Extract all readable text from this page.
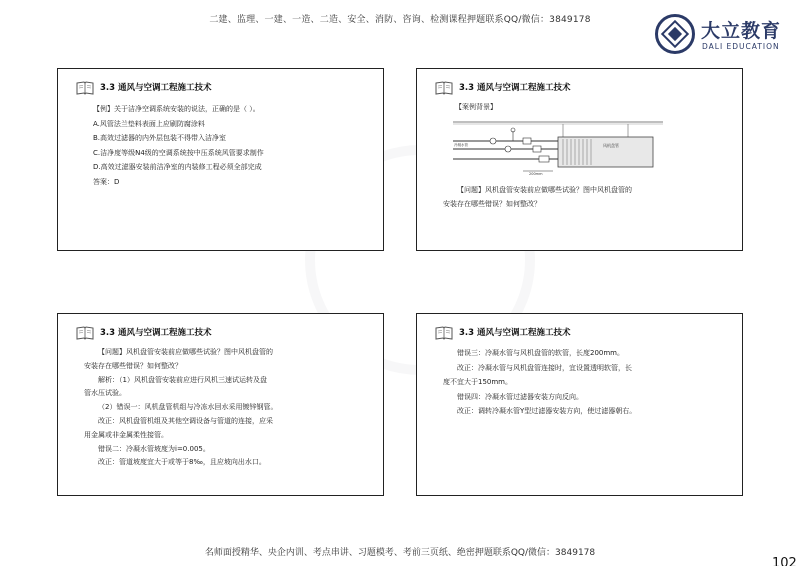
二建、监理、一建、一造、二造、安全、消防、咨询、检测课程押题联系QQ/微信：3849178	大立教育
DALI EDUCATION
3.3 通风与空调工程施工技术
【例】关于洁净空调系统安装的说法，正确的是（ ）。
A.风管法兰垫料表面上应刷防腐涂料
B.高效过滤器的内外层包装不得带入洁净室
C.洁净度等级N4级的空调系统按中压系统风管要求制作
D.高效过滤器安装前洁净室的内装修工程必须全部完成
答案：D
3.3 通风与空调工程施工技术
【案例背景】
风机盘管
冷凝水管
200mm
【问题】风机盘管安装前应做哪些试验？图中风机盘管的
安装存在哪些错误？如何整改？
3.3 通风与空调工程施工技术
【问题】风机盘管安装前应做哪些试验？图中风机盘管的
安装存在哪些错误？如何整改？
解析：（1）风机盘管安装前应进行风机三速试运转及盘
管水压试验。
（2）错误一：风机盘管机组与冷冻水回水采用镀锌钢管。
改正：风机盘管机组及其他空调设备与管道的连接，应采
用金属或非金属柔性接管。
错误二：冷凝水管坡度为i=0.005。
改正：管道坡度宜大于或等于8‰，且应坡向出水口。
3.3 通风与空调工程施工技术
错误三：冷凝水管与风机盘管的软管，长度200mm。
改正：冷凝水管与风机盘管连接时，宜设置透明软管，长
度不宜大于150mm。
错误四：冷凝水管过滤器安装方向反向。
改正：调转冷凝水管Y型过滤器安装方向，使过滤器朝右。
名师面授精华、央企内训、考点串讲、习题模考、考前三页纸、绝密押题联系QQ/微信：3849178
102
